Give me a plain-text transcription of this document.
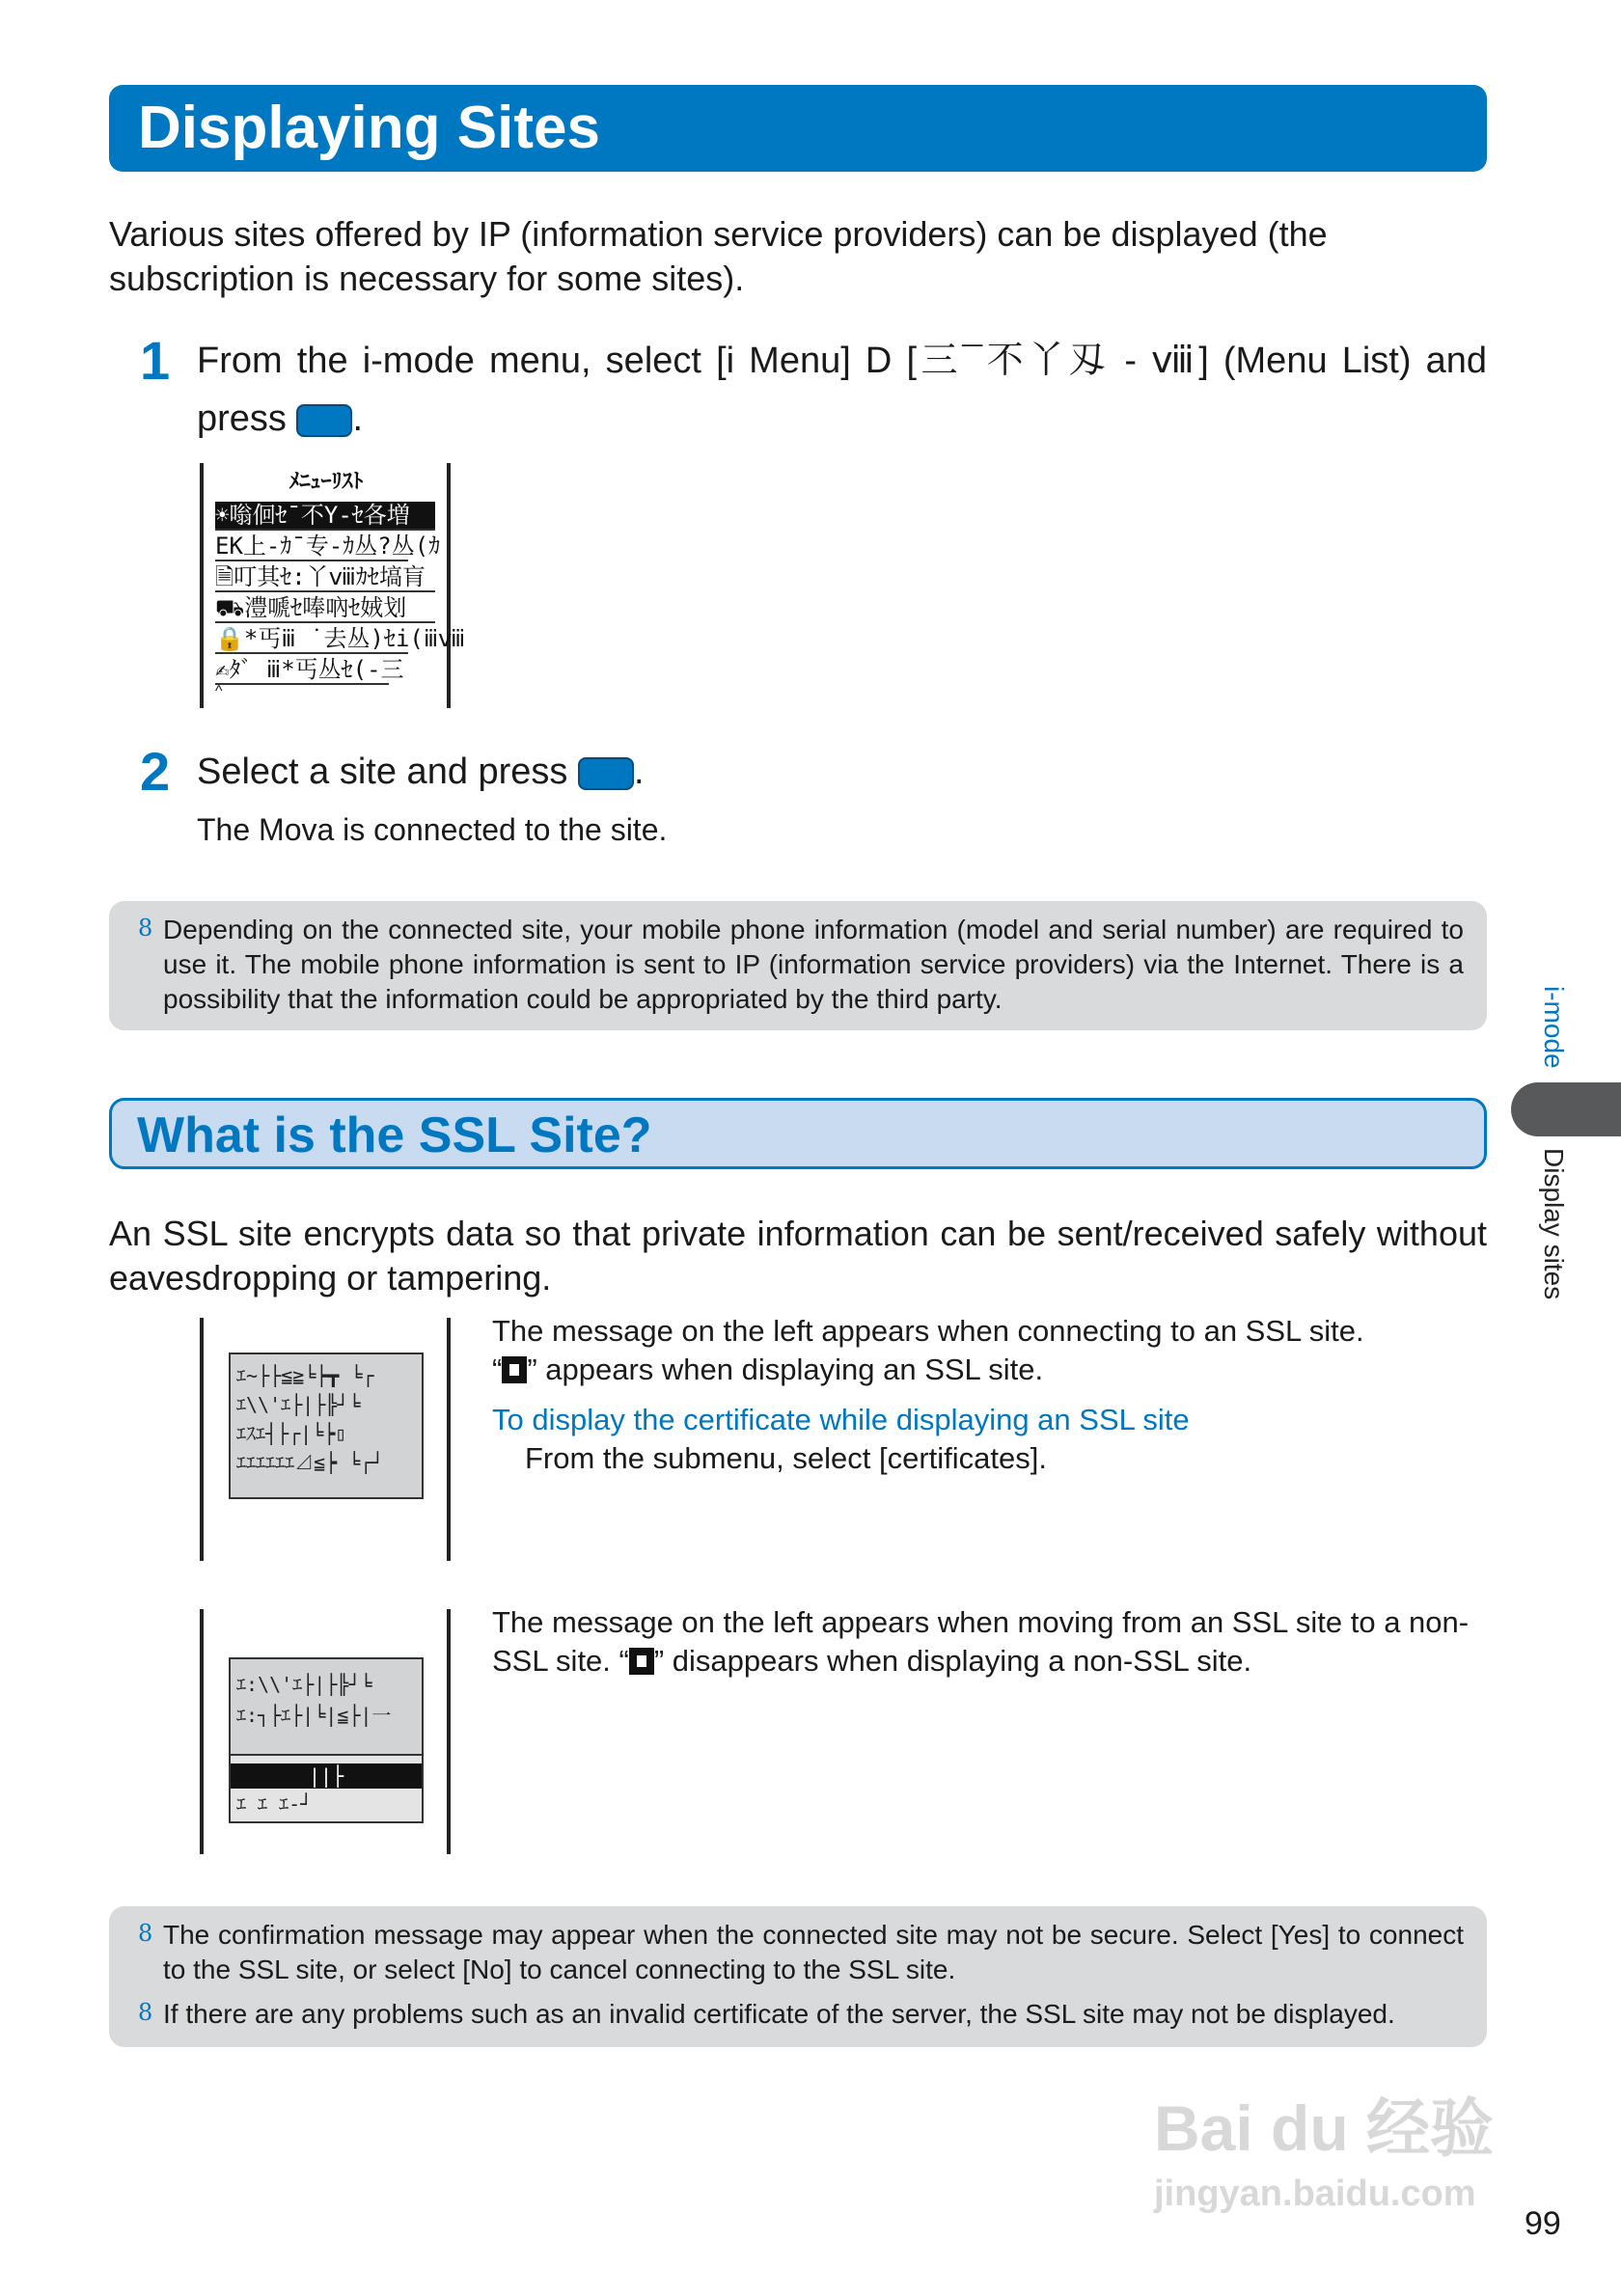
Displaying Sites
Various sites offered by IP (information service providers) can be displayed (the subscription is necessary for some sites).
1 From the i-mode menu, select [i Menu] D [三¯不丫刄 - ⅷ] (Menu List) and
press .
ﾒﾆｭｰﾘｽﾄ
☀嗡佪ｾ¯不Y-ｾ各増
EK上-ｶ¯专-ｶ丛?丛(ｶ
🗎叮其ｾ:丫ⅷｶｾ塙肓
⛟澧嗁ｾ唪吶ｾ娀划
🔒*丐ⅲ ˙去丛)ｾi(ⅲⅷ
✍ﾀﾞ ⅲ*丐丛ｾ(-三
^
2 Select a site and press .
The Mova is connected to the site.
8 Depending on the connected site, your mobile phone information (model and serial number) are required to use it. The mobile phone information is sent to IP (information service providers) via the Internet. There is a possibility that the information could be appropriated by the third party.	i-mode
Display sites
What is the SSL Site?
An SSL site encrypts data so that private information can be sent/received safely without eavesdropping or tampering.
ｴ~├├≦≧╘┝┳ ╘┌
ｴ\\'ｴ├|├╠┘╘
ｴｽｴ┤├┌|╘┝▯
ｴｴｴｴｴｴ⊿≦┝ ╘┌┘
The message on the left appears when connecting to an SSL site.
“ ” appears when displaying an SSL site.
To display the certificate while displaying an SSL site
From the submenu, select [certificates].
ｴ:\\'ｴ├|├╠┘╘
ｴ:┐├ｴ├|╘|≦├|一
||├
ｴ ｴ ｴ-┘
The message on the left appears when moving from an SSL site to a non-
SSL site. “ ” disappears when displaying a non-SSL site.
8 The confirmation message may appear when the connected site may not be secure. Select [Yes] to connect to the SSL site, or select [No] to cancel connecting to the SSL site.
8 If there are any problems such as an invalid certificate of the server, the SSL site may not be displayed.
Bai du 经验
jingyan.baidu.com
99
